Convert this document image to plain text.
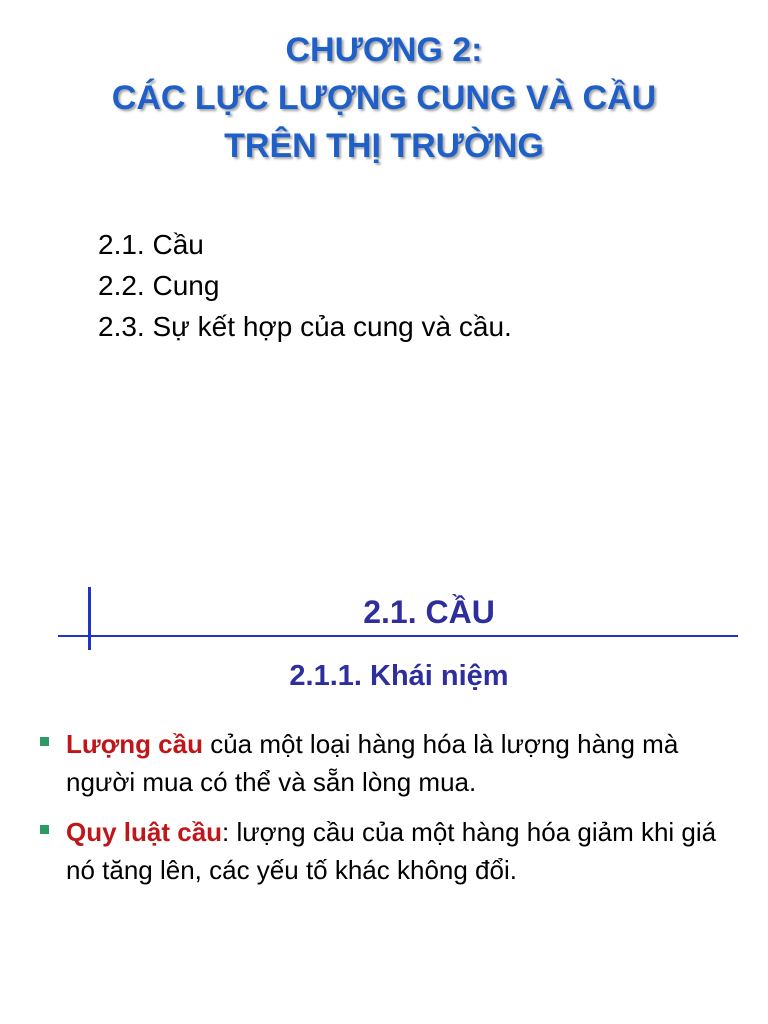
CHƯƠNG 2:
CÁC LỰC LƯỢNG CUNG VÀ CẦU
TRÊN THỊ TRƯỜNG
2.1. Cầu
2.2. Cung
2.3. Sự kết hợp của cung và cầu.
2.1. CẦU
2.1.1. Khái niệm
Lượng cầu của một loại hàng hóa là lượng hàng mà người mua có thể và sẵn lòng mua.
Quy luật cầu: lượng cầu của một hàng hóa giảm khi giá nó tăng lên, các yếu tố khác không đổi.
